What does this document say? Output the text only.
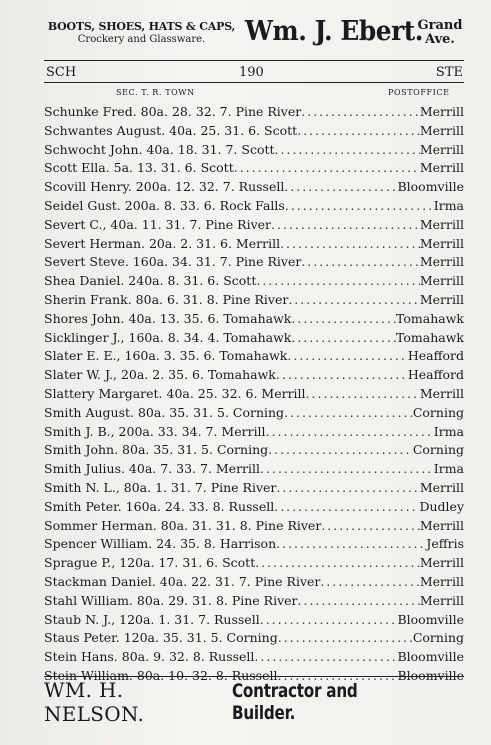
BOOTS, SHOES, HATS & CAPS,
Crockery and Glassware.	Wm. J. Ebert.
Grand
Ave.
SCH	190	STE
SEC. T. R. TOWN	POSTOFFICE
Schunke Fred. 80a. 28. 32. 7. Pine River .....	Merrill
Schwantes August. 40a. 25. 31. 6. Scott .....	Merrill
Schwocht John. 40a. 18. 31. 7. Scott .....	Merrill
Scott Ella. 5a. 13. 31. 6. Scott .....	Merrill
Scovill Henry. 200a. 12. 32. 7. Russell .....	Bloomville
Seidel Gust. 200a. 8. 33. 6. Rock Falls .....	Irma
Severt C., 40a. 11. 31. 7. Pine River .....	Merrill
Severt Herman. 20a. 2. 31. 6. Merrill .....	Merrill
Severt Steve. 160a. 34. 31. 7. Pine River .....	Merrill
Shea Daniel. 240a. 8. 31. 6. Scott .....	Merrill
Sherin Frank. 80a. 6. 31. 8. Pine River .....	Merrill
Shores John. 40a. 13. 35. 6. Tomahawk .....	Tomahawk
Sicklinger J., 160a. 8. 34. 4. Tomahawk .....	Tomahawk
Slater E. E., 160a. 3. 35. 6. Tomahawk .....	Heafford
Slater W. J., 20a. 2. 35. 6. Tomahawk .....	Heafford
Slattery Margaret. 40a. 25. 32. 6. Merrill .....	Merrill
Smith August. 80a. 35. 31. 5. Corning .....	Corning
Smith J. B., 200a. 33. 34. 7. Merrill .....	Irma
Smith John. 80a. 35. 31. 5. Corning .....	Corning
Smith Julius. 40a. 7. 33. 7. Merrill .....	Irma
Smith N. L., 80a. 1. 31. 7. Pine River .....	Merrill
Smith Peter. 160a. 24. 33. 8. Russell .....	Dudley
Sommer Herman. 80a. 31. 31. 8. Pine River .....	Merrill
Spencer William. 24. 35. 8. Harrison .....	Jeffris
Sprague P., 120a. 17. 31. 6. Scott .....	Merrill
Stackman Daniel. 40a. 22. 31. 7. Pine River .....	Merrill
Stahl William. 80a. 29. 31. 8. Pine River .....	Merrill
Staub N. J., 120a. 1. 31. 7. Russell .....	Bloomville
Staus Peter. 120a. 35. 31. 5. Corning .....	Corning
Stein Hans. 80a. 9. 32. 8. Russell .....	Bloomville
Stein William. 80a. 10. 32. 8. Russell .....	Bloomville
WM. H. NELSON.
Contractor and Builder.
